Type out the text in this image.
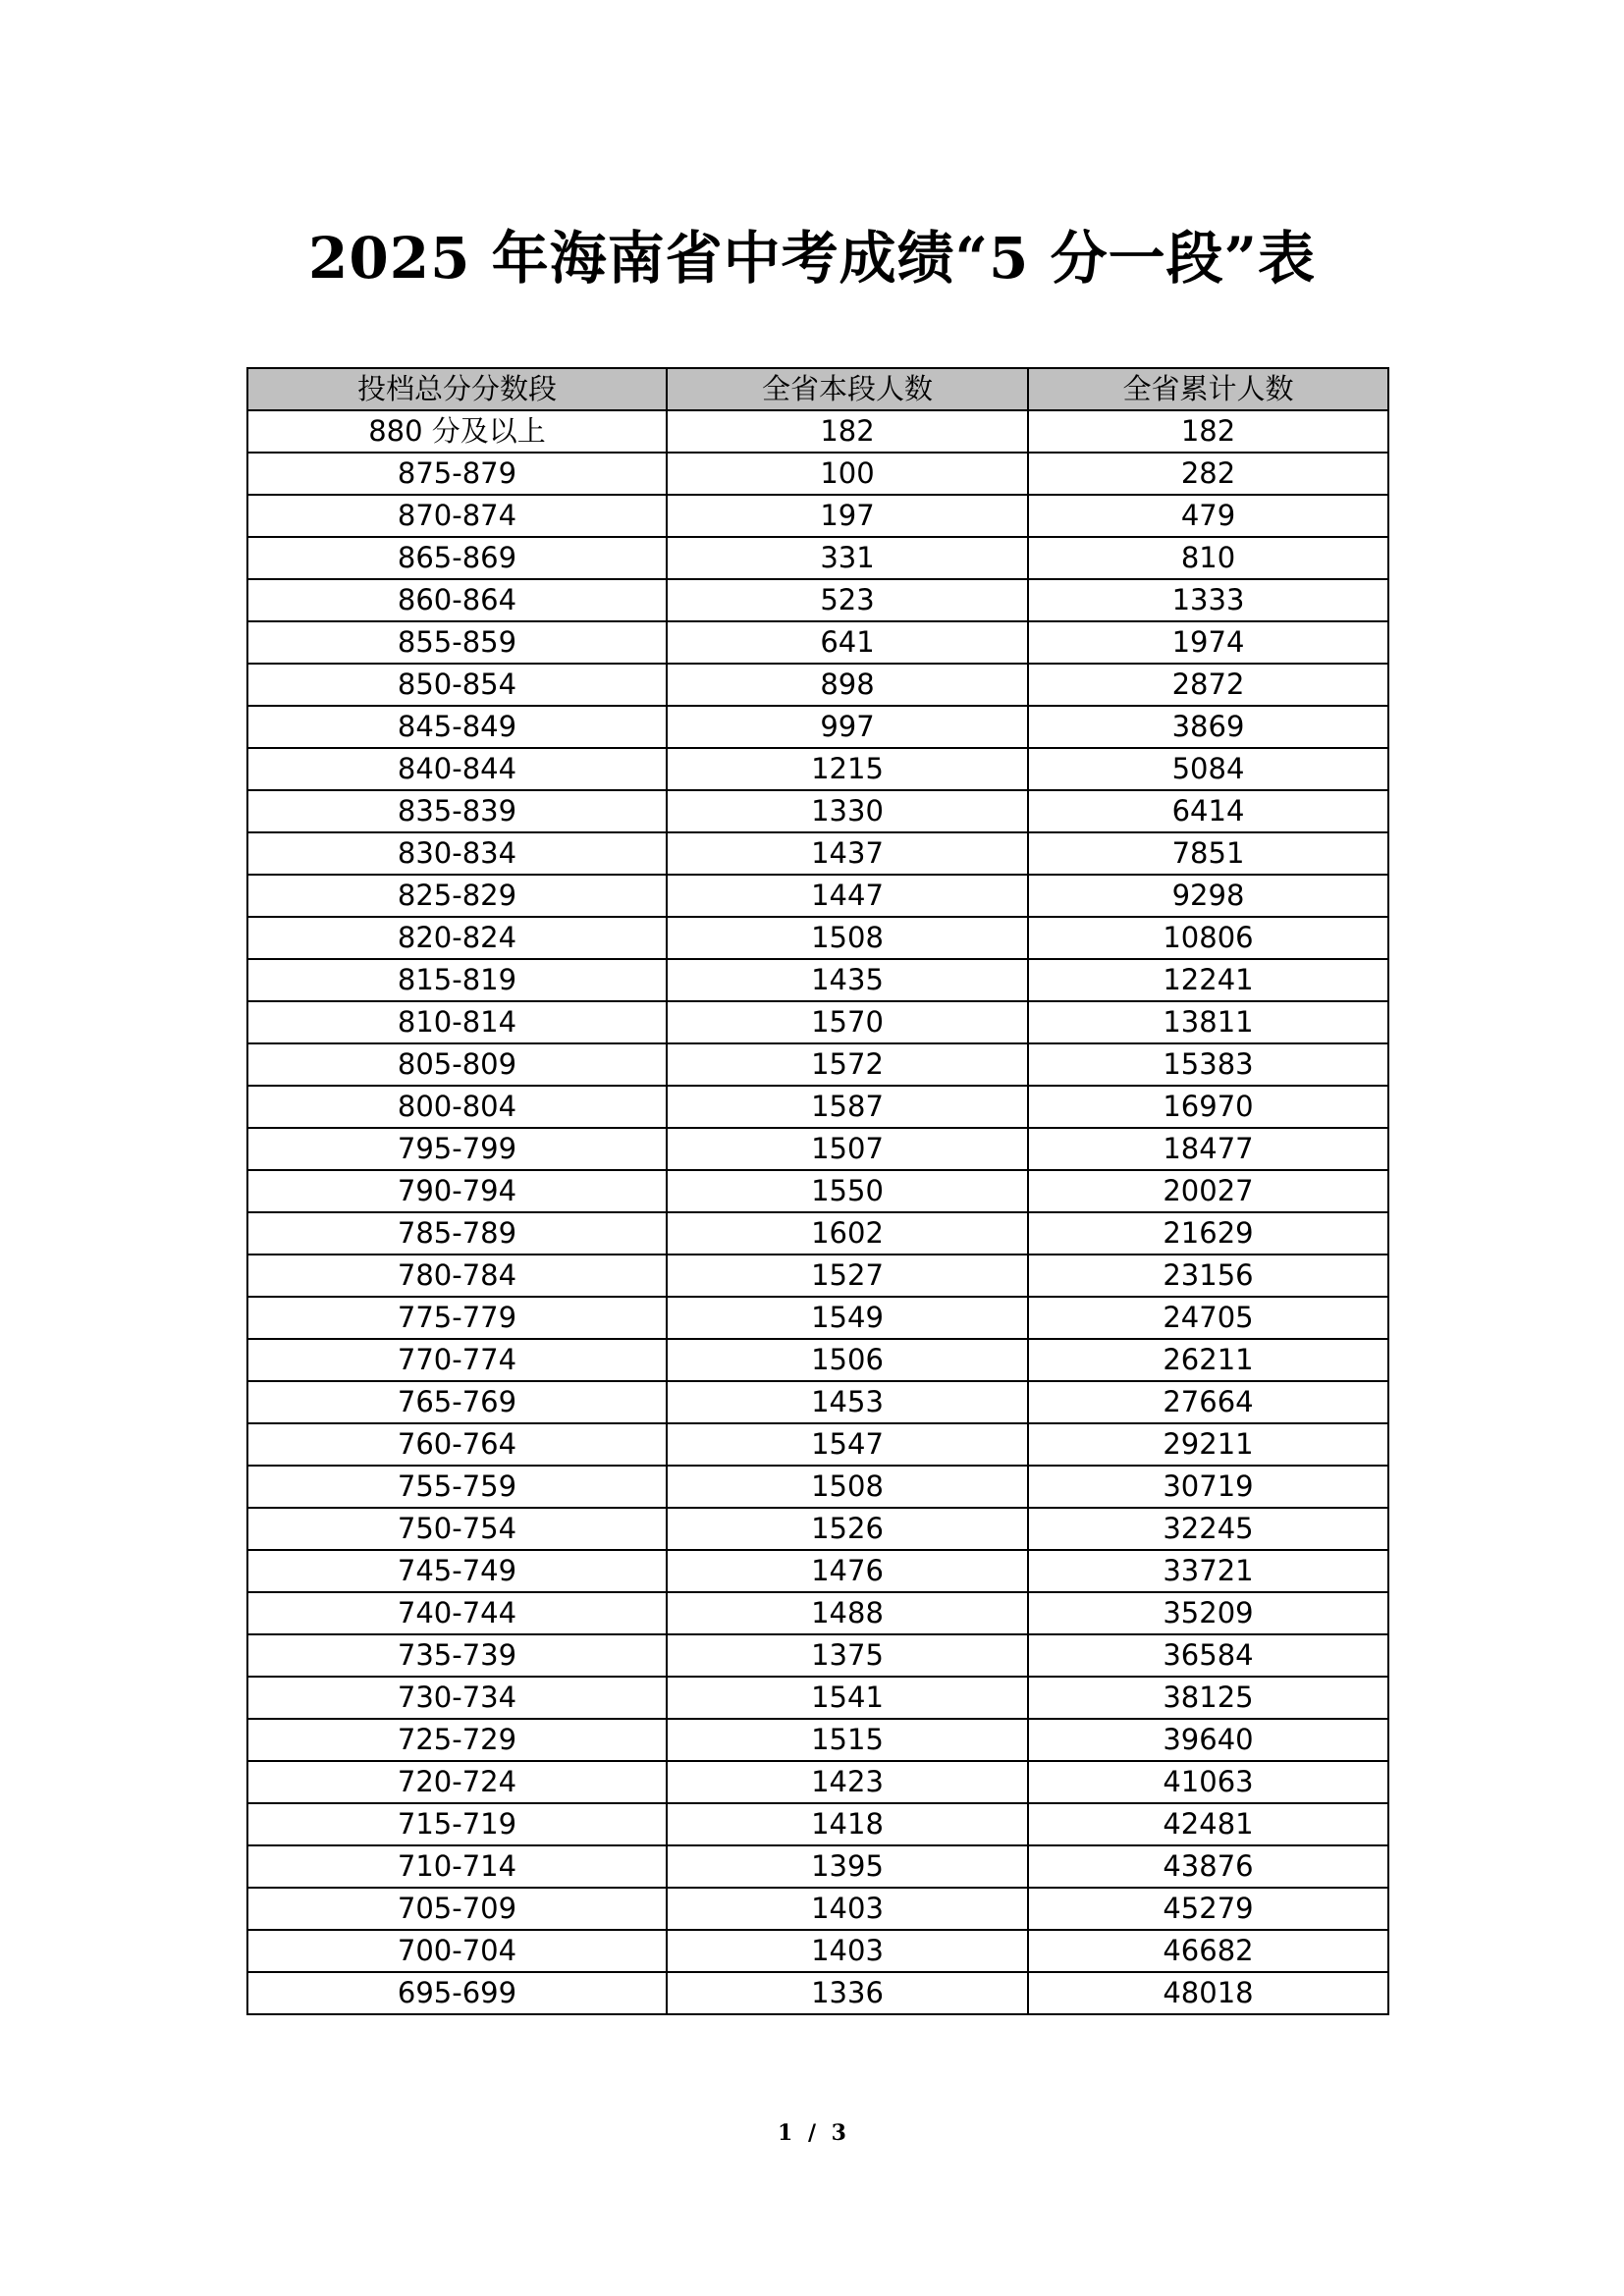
2025 年海南省中考成绩“5 分一段”表
投档总分分数段	全省本段人数	全省累计人数
880 分及以上	182	182
875-879	100	282
870-874	197	479
865-869	331	810
860-864	523	1333
855-859	641	1974
850-854	898	2872
845-849	997	3869
840-844	1215	5084
835-839	1330	6414
830-834	1437	7851
825-829	1447	9298
820-824	1508	10806
815-819	1435	12241
810-814	1570	13811
805-809	1572	15383
800-804	1587	16970
795-799	1507	18477
790-794	1550	20027
785-789	1602	21629
780-784	1527	23156
775-779	1549	24705
770-774	1506	26211
765-769	1453	27664
760-764	1547	29211
755-759	1508	30719
750-754	1526	32245
745-749	1476	33721
740-744	1488	35209
735-739	1375	36584
730-734	1541	38125
725-729	1515	39640
720-724	1423	41063
715-719	1418	42481
710-714	1395	43876
705-709	1403	45279
700-704	1403	46682
695-699	1336	48018
1 / 3
